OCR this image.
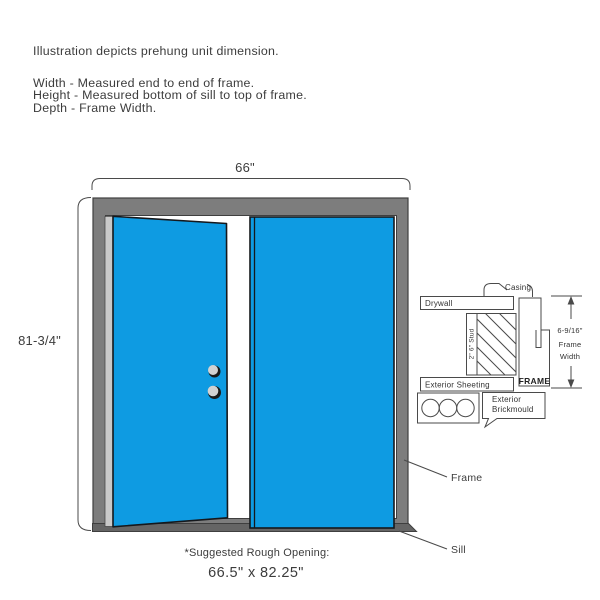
Illustration depicts prehung unit dimension.
Width - Measured end to end of frame.
Height - Measured bottom of sill to top of frame.
Depth - Frame Width.
66"
81-3/4"
Frame
Sill
Casing
Drywall
2" 6" Stud
Exterior Sheeting	FRAME
Exterior
Brickmould
6-9/16"
Frame
Width
*Suggested Rough Opening:
66.5" x 82.25"
